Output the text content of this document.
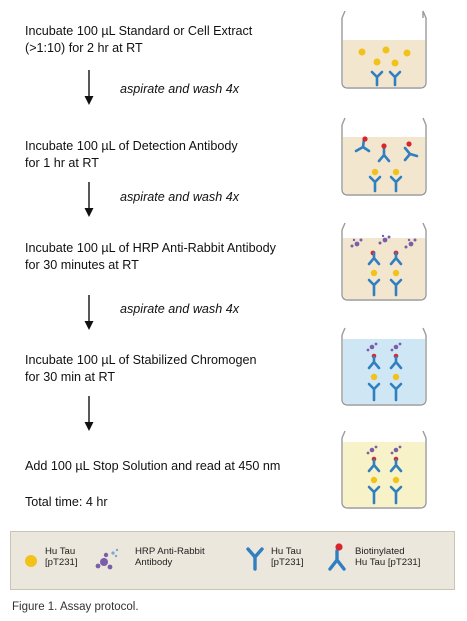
Incubate 100 µL Standard or Cell Extract
(>1:10) for 2 hr at RT
aspirate and wash 4x
Incubate 100 µL of Detection Antibody
for 1 hr at RT
aspirate and wash 4x
Incubate 100 µL of HRP Anti-Rabbit Antibody
for 30 minutes at RT
aspirate and wash 4x
Incubate 100 µL of Stabilized Chromogen
for 30 min at RT
Add 100 µL Stop Solution and read at 450 nm
Total time: 4 hr
Hu Tau
[pT231]
HRP Anti-Rabbit
Antibody
Hu Tau
[pT231]
Biotinylated
Hu Tau [pT231]
Figure 1. Assay protocol.
